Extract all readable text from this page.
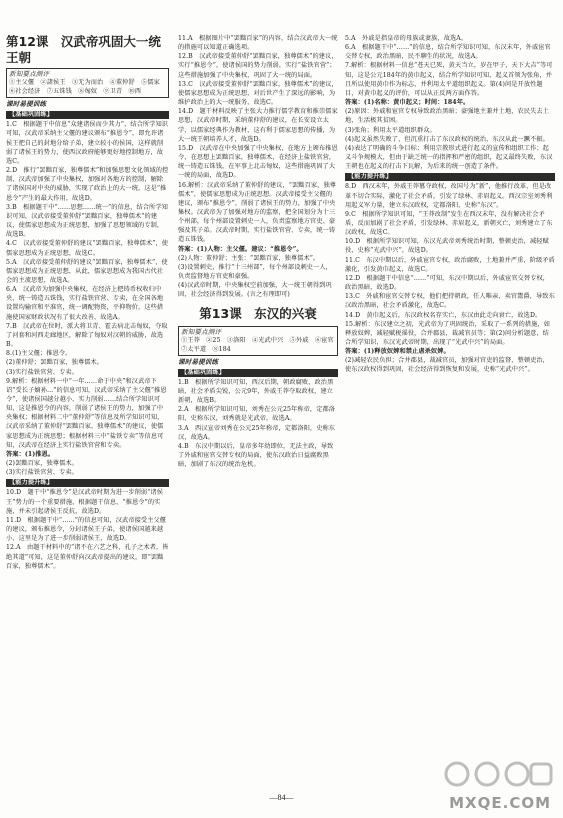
第12课　汉武帝巩固大一统王朝
新知要点测评
①主父偃　②諸侯王　③无为而治　④董仲舒　⑤儒家　⑥社会经济　⑦五铢钱　⑧匈奴　⑨卫青　⑩西
课时易提训练
【基础巩固练】

1.C　根据题干中信息“众建诸侯而少其力”，结合所学知识可知，汉武帝采纳主父偃的建议颁布“推恩令”，即允许诸侯王把自己的封地分给子弟，建立较小的侯国，这样就削弱了诸侯王的势力，使西汉政府能够更好地控制地方，故选C。

2.D　推行“罢黜百家，独尊儒术”和加强思想文化领域的控制，汉武帝加强了中央集权，加强对各地方的控制，解除了诸侯国对中央的威胁，实现了政治上的大一统，这是“推恩令”产生的最大作用，故选D。

3.B　根据题干中“……思想……统一”的信息，结合所学知识可知，汉武帝接受董仲舒“罢黜百家，独尊儒术”的建议，使儒家思想成为正统思想，加强了思想领域的专制，故选B。

4.C　汉武帝接受董仲舒的建议“罢黜百家，独尊儒术”，使儒家思想成为正统思想，故选C。

5.A　汉武帝接受董仲舒的建议“罢黜百家，独尊儒术”，使儒家思想成为正统思想，从此，儒家思想成为我国古代社会的主流思想，故选A。

6.A　汉武帝为加强中央集权，在经济上把铸币权收归中央，统一铸造五铢钱，实行盐铁官营、专卖，在全国各地设置均输官和平准官，统一调配物资，平抑物价，这些措施使国家财政状况有了很大改善，故选A。

7.B　汉武帝在位时，派大将卫青、霍去病北击匈奴，夺取了河套和河西走廊地区，解除了匈奴对汉朝的威胁，故选B。

8.(1)主父偃；推恩令。

(2)董仲舒；罢黜百家，独尊儒术。

(3)实行盐铁官营、专卖。

9.解析：根据材料一中“一年……命于中央”和汉武帝下诏“受长子嫡孙…”的信息可知，汉武帝采纳了主父偃“推恩令”，使诸侯国越分越小，实力削弱……结合所学知识可知，这是推恩令的内容，削弱了诸侯王的势力，加强了中央集权；根据材料二中“董仲舒”等信息及所学知识可知，汉武帝采纳了董仲舒“罢黜百家，独尊儒术”的建议，使儒家思想成为正统思想；根据材料三中“盐铁专卖”等信息可知，汉武帝在经济上实行盐铁官营和专卖。

答案：(1)推恩。

(2)罢黜百家，独尊儒术。

(3)实行盐铁官营、专卖。

【能力提升练】

10.D　题干中“推恩令”是汉武帝时期为进一步削弱“诸侯王”势力的一个重要措施，根据题干信息，“推恩令”的实施，并未引起诸侯王反抗，故选D。

11.D　根据题干中“……”的信息可知，汉武帝接受主父偃的建议，颁布推恩令，分封诸侯王子弟，使诸侯国越来越小，这里是为了进一步削弱诸侯王，故选D。

12.A　由题干材料中的“诸不在六艺之科，孔子之术者，皆绝其道”可知，这是董仲舒向汉武帝提出的建议，即“罢黜百家，独尊儒术”。

11.A　根据图片中“罢黜百家”的内容，结合汉武帝大一统的措施可以知道正确选项。

12.B　汉武帝接受董仲舒“罢黜百家，独尊儒术”的建议，实行“推恩令”，使诸侯国的势力削弱，实行“盐铁官营”；这些措施加强了中央集权，巩固了大一统的局面。

13.C　汉武帝接受董仲舒“罢黜百家，独尊儒术”的建议，使儒家思想成为正统思想，对后世产生了深远的影响，为维护政治上的大一统服务，故选C。

14.D　题干材料反映了主张大力推行儒学教育和推崇儒家思想，汉武帝时期，采纳董仲舒的建议，在长安设立太学，以儒家经典作为教材，这有利于儒家思想的传播，为大一统王朝培养人才，故选D。

15.D　汉武帝在中央加强了中央集权，在地方上颁布推恩令，在思想上罢黜百家，独尊儒术，在经济上盐铁官营，统一铸造五铢钱，在军事上北击匈奴，这些措施巩固了大一统的局面，故选D。

16.解析：汉武帝采纳了董仲舒的建议，“罢黜百家，独尊儒术”，使儒家思想成为正统思想。汉武帝接受主父偃的建议，颁布“推恩令”，削弱了诸侯王的势力，加强了中央集权。汉武帝为了加强对地方的监察，把全国划分为十三个州部，每个州部设置刺史一人，负责监察地方官吏、豪强及其子弟。汉武帝时期，实行盐铁官营、专卖，统一铸造五铢钱。

答案：(1)人物：主父偃。建议：“推恩令”。

(2)人物：董仲舒；主张：“罢黜百家，独尊儒术”。

(3)设置刺史，推行“十三州部”，每个州部设刺史一人，负责监督地方官吏和豪强。

(4)汉武帝时期，中央集权空前加强，大一统王朝得到巩固，社会经济得到发展。(言之有理即可)

第13课　东汉的兴衰
新知要点测评
①王莽　②25　③洛阳　④光武中兴　⑤外戚　⑥宦官　⑦太平道　⑧184
课时易提训练
【基础巩固练】

1.B　根据所学知识可知，西汉后期，朝政腐败，政治黑暗，社会矛盾尖锐，公元9年，外戚王莽夺取政权，建立新朝，故选B。

2.A　根据所学知识可知，刘秀在公元25年称帝，定都洛阳，史称东汉，刘秀就是光武帝，故选A。

3.A　西汉宣帝刘秀在公元25年称帝，定都洛阳，史称东汉，故选A。

4.B　东汉中期以后，皇帝多年幼即位，无法主政，导致了外戚和宦官交替专权的局面，使东汉政治日益腐败黑暗，加剧了东汉的统治危机。

5.A　外戚是指皇帝的母族或妻族，故选A。

6.A　根据题干中“……”的信息，结合所学知识可知，东汉末年，外戚宦官交替专权，政治黑暗，民不聊生的状况，故选A。

7.解析：根据材料一信息“苍天已死，黄天当立，岁在甲子，天下大吉”等可知，这是公元184年的黄巾起义，结合所学知识可知，起义首领为张角，并且所以使用黄巾作为标志，并利用太平道组织起义。第(4)问是开放性题目，对黄巾起义的评价，可以从正反两方面作答。

答案：(1)名称：黄巾起义；时间：184年。

(2)原因：外戚和宦官专权导致政治黑暗；豪强地主兼并土地，农民失去土地，生活极其贫困。

(3)张角；利用太平道组织群众。

(4)起义虽然失败了，但沉重打击了东汉政权的统治，东汉从此一蹶不振。

(4)表达了明确的斗争目标；利用宗教形式进行起义的宣传和组织工作；起义斗争规模大，但由于缺乏统一的指挥和严密的组织，起义最终失败，东汉王朝也在起义的打击下瓦解，为后来的统一创造了条件。

【能力提升练】

8.D　西汉末年，外戚王莽篡夺政权，改国号为“新”，他推行改革，但是改革不切合实际，激化了社会矛盾，引发了绿林、赤眉起义。西汉宗室刘秀利用起义军力量，建立东汉政权，定都洛阳，史称“东汉”。

9.C　根据所学知识可知，“王莽改制”发生在西汉末年，没有解决社会矛盾，反而加剧了社会矛盾，引发绿林、赤眉起义，新朝灭亡，刘秀建立了东汉政权，故选C。

10.D　根据所学知识可知，东汉光武帝刘秀统治时期，整顿吏治，减轻赋役，史称“光武中兴”，故选D。

11.C　东汉中期以后，外戚宦官专权，政治腐败，土地兼并严重，阶级矛盾激化，引发黄巾起义，故选C。

12.D　根据题干中信息“……”可知，东汉中期以后，外戚宦官交替专权，政治黑暗，故选D。

13.C　外戚和宦官交替专权，他们把持朝政，任人唯亲，卖官鬻爵，导致东汉政治黑暗，社会矛盾激化，故选C。

14.D　黄巾起义后，东汉政权名存实亡，东汉由此走向衰亡，故选D。

15.解析：东汉建立之初，光武帝为了巩固统治，采取了一系列的措施，如释放奴婢，减轻赋税徭役，合并郡县，裁减官员等；第(2)问分析题意，结合所学知识，东汉光武帝时期，出现了“光武中兴”的局面。

答案：(1)释放奴婢和禁止虐杀奴婢。

(2)减轻农民负担；合并郡县，裁减官员，加强对官吏的监督，整顿吏治，使东汉政权得到巩固，社会经济得到恢复和发展，史称“光武中兴”。

—84—	MXQE.COM
